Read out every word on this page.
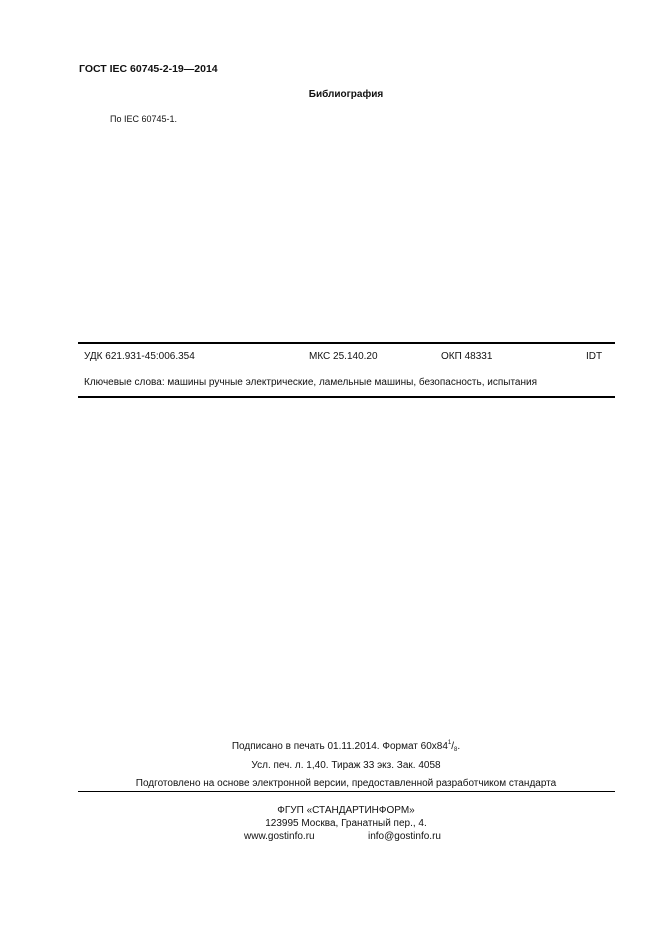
ГОСТ IEC 60745-2-19—2014
Библиография
По IEC 60745-1.
УДК 621.931-45:006.354	МКС 25.140.20	ОКП 48331	IDT
Ключевые слова: машины ручные электрические, ламельные машины, безопасность, испытания
Подписано в печать 01.11.2014. Формат $60x84^1/_8$.
Усл. печ. л. 1,40. Тираж 33 экз. Зак. 4058
Подготовлено на основе электронной версии, предоставленной разработчиком стандарта
ФГУП «СТАНДАРТИНФОРМ»
123995 Москва, Гранатный пер., 4.
www.gostinfo.ru	info@gostinfo.ru
